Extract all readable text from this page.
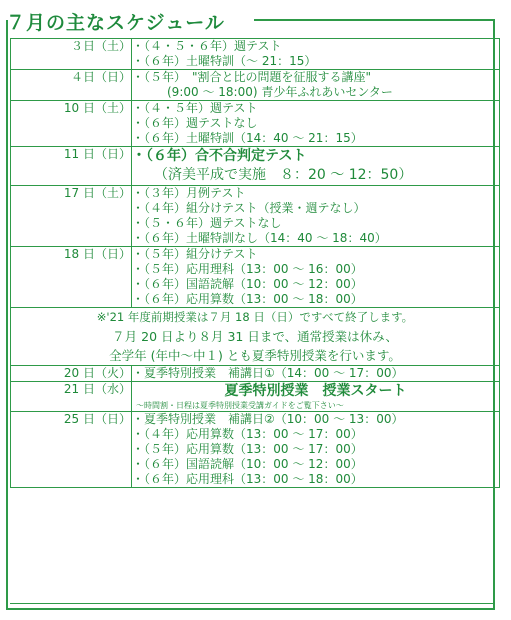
７月の主なスケジュール
３日（土）	・（４・５・６年）週テスト
・（６年）土曜特訓（～ 21：15）

４日（日）	・（５年）　"割合と比の問題を征服する講座"
(9:00 ～ 18:00) 青少年ふれあいセンター

10 日（土）	・（４・５年）週テスト
・（６年）週テストなし
・（６年）土曜特訓（14：40 ～ 21：15）

11 日（日）	・（６年）合不合判定テスト
（済美平成で実施　８：20 ～ 12：50）

17 日（土）	・（３年）月例テスト
・（４年）組分けテスト（授業・週テなし）
・（５・６年）週テストなし
・（６年）土曜特訓なし（14：40 ～ 18：40）

18 日（日）	・（５年）組分けテスト
・（５年）応用理科（13：00 ～ 16：00）
・（６年）国語読解（10：00 ～ 12：00）
・（６年）応用算数（13：00 ～ 18：00）

※'21 年度前期授業は７月 18 日（日）ですべて終了します。
７月 20 日より８月 31 日まで、通常授業は休み、
全学年 (年中～中１) とも夏季特別授業を行います。	

20 日（火）	・夏季特別授業　補講日①（14：00 ～ 17：00）

21 日（水）	夏季特別授業　授業スタート
～時間割・日程は夏季特別授業受講ガイドをご覧下さい～

25 日（日）	・夏季特別授業　補講日②（10：00 ～ 13：00）
・（４年）応用算数（13：00 ～ 17：00）
・（５年）応用算数（13：00 ～ 17：00）
・（６年）国語読解（10：00 ～ 12：00）
・（６年）応用理科（13：00 ～ 18：00）
